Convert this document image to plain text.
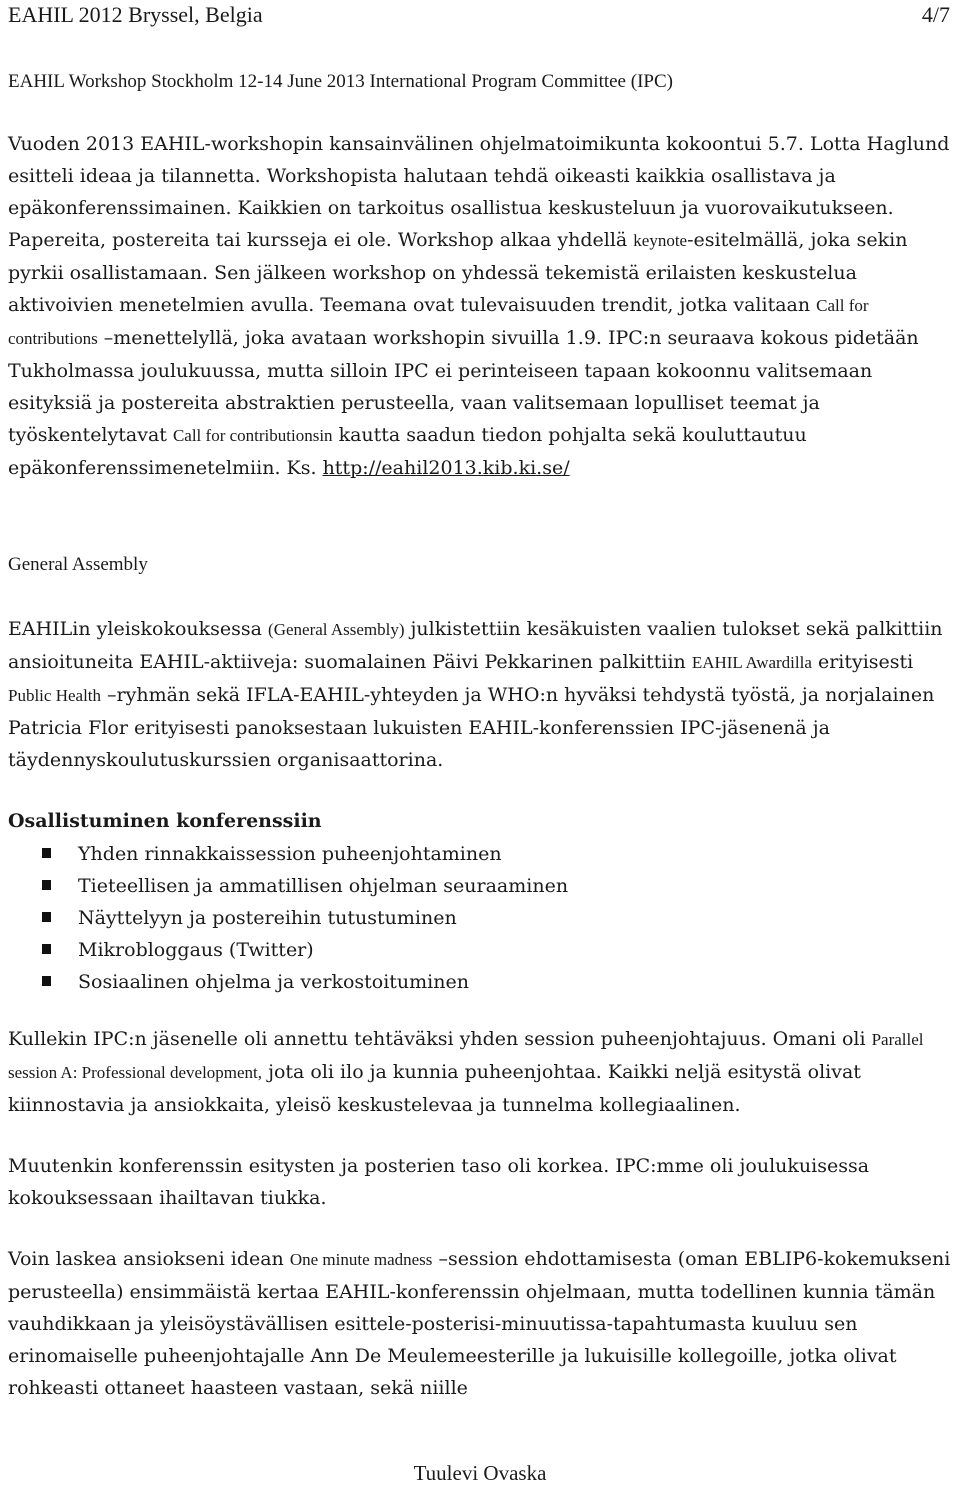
EAHIL 2012 Bryssel, Belgia	4/7
EAHIL Workshop Stockholm 12-14 June 2013 International Program Committee (IPC)

Vuoden 2013 EAHIL-workshopin kansainvälinen ohjelmatoimikunta kokoontui 5.7. Lotta Haglund esitteli ideaa ja tilannetta. Workshopista halutaan tehdä oikeasti kaikkia osallistava ja epäkonferenssimainen. Kaikkien on tarkoitus osallistua keskusteluun ja vuorovaikutukseen. Papereita, postereita tai kursseja ei ole. Workshop alkaa yhdellä keynote-esitelmällä, joka sekin pyrkii osallistamaan. Sen jälkeen workshop on yhdessä tekemistä erilaisten keskustelua aktivoivien menetelmien avulla. Teemana ovat tulevaisuuden trendit, jotka valitaan Call for contributions –menettelyllä, joka avataan workshopin sivuilla 1.9. IPC:n seuraava kokous pidetään Tukholmassa joulukuussa, mutta silloin IPC ei perinteiseen tapaan kokoonnu valitsemaan esityksiä ja postereita abstraktien perusteella, vaan valitsemaan lopulliset teemat ja työskentelytavat Call for contributionsin kautta saadun tiedon pohjalta sekä kouluttautuu epäkonferenssimenetelmiin. Ks. http://eahil2013.kib.ki.se/

General Assembly

EAHILin yleiskokouksessa (General Assembly) julkistettiin kesäkuisten vaalien tulokset sekä palkittiin ansioituneita EAHIL-aktiiveja: suomalainen Päivi Pekkarinen palkittiin EAHIL Awardilla erityisesti Public Health –ryhmän sekä IFLA-EAHIL-yhteyden ja WHO:n hyväksi tehdystä työstä, ja norjalainen Patricia Flor erityisesti panoksestaan lukuisten EAHIL-konferenssien IPC-jäsenenä ja täydennyskoulutuskurssien organisaattorina.

Osallistuminen konferenssiin
Yhden rinnakkaissession puheenjohtaminen
Tieteellisen ja ammatillisen ohjelman seuraaminen
Näyttelyyn ja postereihin tutustuminen
Mikrobloggaus (Twitter)
Sosiaalinen ohjelma ja verkostoituminen

Kullekin IPC:n jäsenelle oli annettu tehtäväksi yhden session puheenjohtajuus. Omani oli Parallel session A: Professional development, jota oli ilo ja kunnia puheenjohtaa. Kaikki neljä esitystä olivat kiinnostavia ja ansiokkaita, yleisö keskustelevaa ja tunnelma kollegiaalinen.

Muutenkin konferenssin esitysten ja posterien taso oli korkea. IPC:mme oli joulukuisessa kokouksessaan ihailtavan tiukka.

Voin laskea ansiokseni idean One minute madness –session ehdottamisesta (oman EBLIP6-kokemukseni perusteella) ensimmäistä kertaa EAHIL-konferenssin ohjelmaan, mutta todellinen kunnia tämän vauhdikkaan ja yleisöystävällisen esittele-posterisi-minuutissa-tapahtumasta kuuluu sen erinomaiselle puheenjohtajalle Ann De Meulemeesterille ja lukuisille kollegoille, jotka olivat rohkeasti ottaneet haasteen vastaan, sekä niille

Tuulevi Ovaska
